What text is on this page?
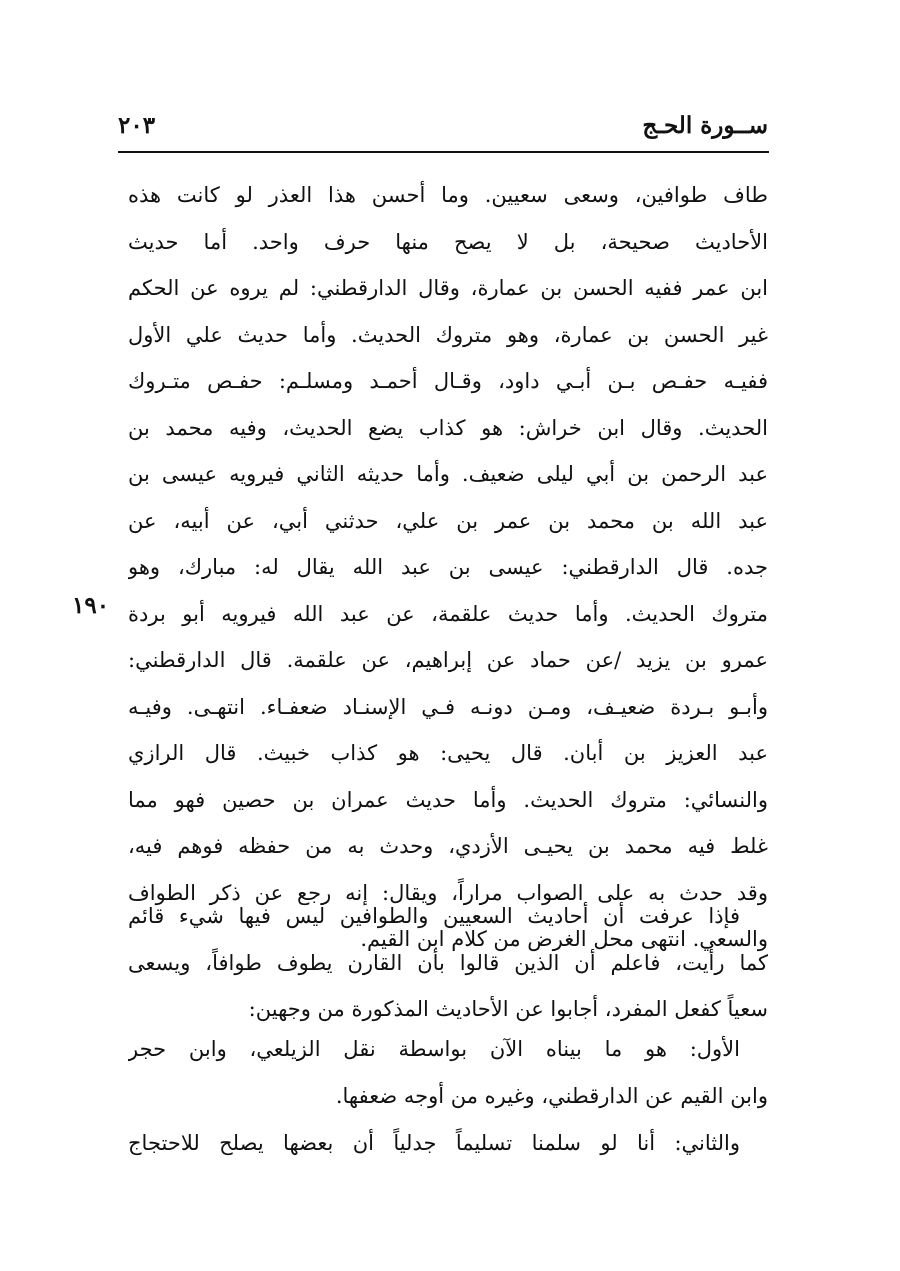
ســورة الحـج
٢٠٣
١٩٠
طاف طوافين، وسعى سعيين. وما أحسن هذا العذر لو كانت هذه
الأحاديث صحيحة، بل لا يصح منها حرف واحد. أما حديث
ابن عمر ففيه الحسن بن عمارة، وقال الدارقطني: لم يروه عن الحكم
غير الحسن بن عمارة، وهو متروك الحديث. وأما حديث علي الأول
ففيـه حفـص بـن أبـي داود، وقـال أحمـد ومسلـم: حفـص متـروك
الحديث. وقال ابن خراش: هو كذاب يضع الحديث، وفيه محمد بن
عبد الرحمن بن أبي ليلى ضعيف. وأما حديثه الثاني فيرويه عيسى بن
عبد الله بن محمد بن عمر بن علي، حدثني أبي، عن أبيه، عن
جده. قال الدارقطني: عيسى بن عبد الله يقال له: مبارك، وهو
متروك الحديث. وأما حديث علقمة، عن عبد الله فيرويه أبو بردة
عمرو بن يزيد /عن حماد عن إبراهيم، عن علقمة. قال الدارقطني:
وأبـو بـردة ضعيـف، ومـن دونـه فـي الإسنـاد ضعفـاء. انتهـى. وفيـه
عبد العزيز بن أبان. قال يحيى: هو كذاب خبيث. قال الرازي
والنسائي: متروك الحديث. وأما حديث عمران بن حصين فهو مما
غلط فيه محمد بن يحيـى الأزدي، وحدث به من حفظه فوهم فيه،
وقد حدث به على الصواب مراراً، ويقال: إنه رجع عن ذكر الطواف
والسعي. انتهى محل الغرض من كلام ابن القيم.
فإذا عرفت أن أحاديث السعيين والطوافين ليس فيها شيء قائم
كما رأيت، فاعلم أن الذين قالوا بأن القارن يطوف طوافاً، ويسعى
سعياً كفعل المفرد، أجابوا عن الأحاديث المذكورة من وجهين:
الأول: هو ما بيناه الآن بواسطة نقل الزيلعي، وابن حجر
وابن القيم عن الدارقطني، وغيره من أوجه ضعفها.
والثاني: أنا لو سلمنا تسليماً جدلياً أن بعضها يصلح للاحتجاج
